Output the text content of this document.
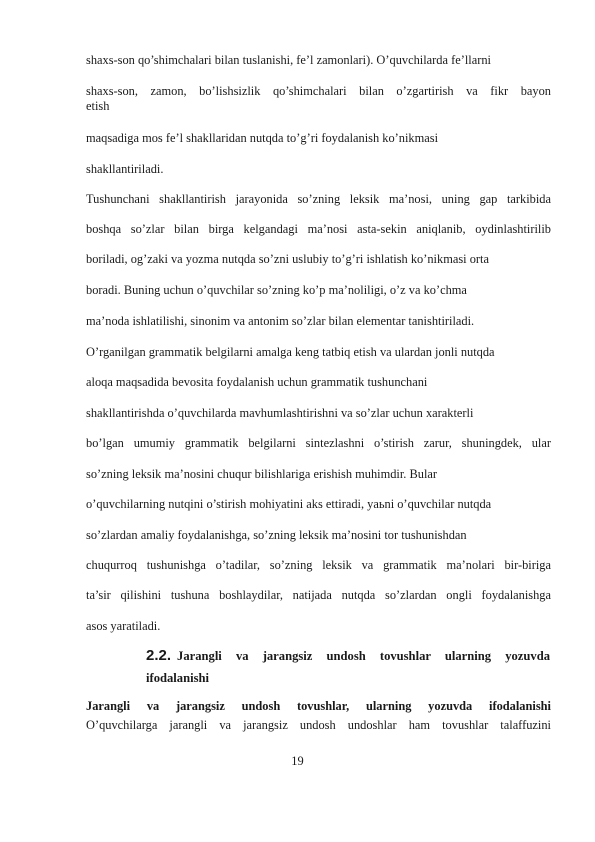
shaxs-son qo’shimchalari bilan tuslanishi, fe’l zamonlari). O’quvchilarda fe’llarni
shaxs-son, zamon, bo’lishsizlik qo’shimchalari bilan o’zgartirish va fikr bayon
etish
maqsadiga mos fe’l shakllaridan nutqda to’g’ri foydalanish ko’nikmasi
shakllantiriladi.
Tushunchani shakllantirish jarayonida so’zning leksik ma’nosi, uning gap tarkibida
boshqa so’zlar bilan birga kelgandagi ma’nosi asta-sekin aniqlanib, oydinlashtirilib
boriladi, og’zaki va yozma nutqda so’zni uslubiy to’g’ri ishlatish ko’nikmasi orta
boradi. Buning uchun o’quvchilar so’zning ko’p ma’noliligi, o’z va ko’chma
ma’noda ishlatilishi, sinonim va antonim so’zlar bilan elementar tanishtiriladi.
O’rganilgan grammatik belgilarni amalga keng tatbiq etish va ulardan jonli nutqda
aloqa maqsadida bevosita foydalanish uchun grammatik tushunchani
shakllantirishda o’quvchilarda mavhumlashtirishni va so’zlar uchun xarakterli
bo’lgan umumiy grammatik belgilarni sintezlashni o’stirish zarur, shuningdek, ular
so’zning leksik ma’nosini chuqur bilishlariga erishish muhimdir. Bular
o’quvchilarning nutqini o’stirish mohiyatini aks ettiradi, yaьni o’quvchilar nutqda
so’zlardan amaliy foydalanishga, so’zning leksik ma’nosini tor tushunishdan
chuqurroq tushunishga o’tadilar, so’zning leksik va grammatik ma’nolari bir-biriga
ta’sir qilishini tushuna boshlaydilar, natijada nutqda so’zlardan ongli foydalanishga
asos yaratiladi.
2.2. Jarangli va jarangsiz undosh tovushlar ularning yozuvda
ifodalanishi
Jarangli va jarangsiz undosh tovushlar, ularning yozuvda ifodalanishi
O’quvchilarga jarangli va jarangsiz undosh undoshlar ham tovushlar talaffuzini
19
